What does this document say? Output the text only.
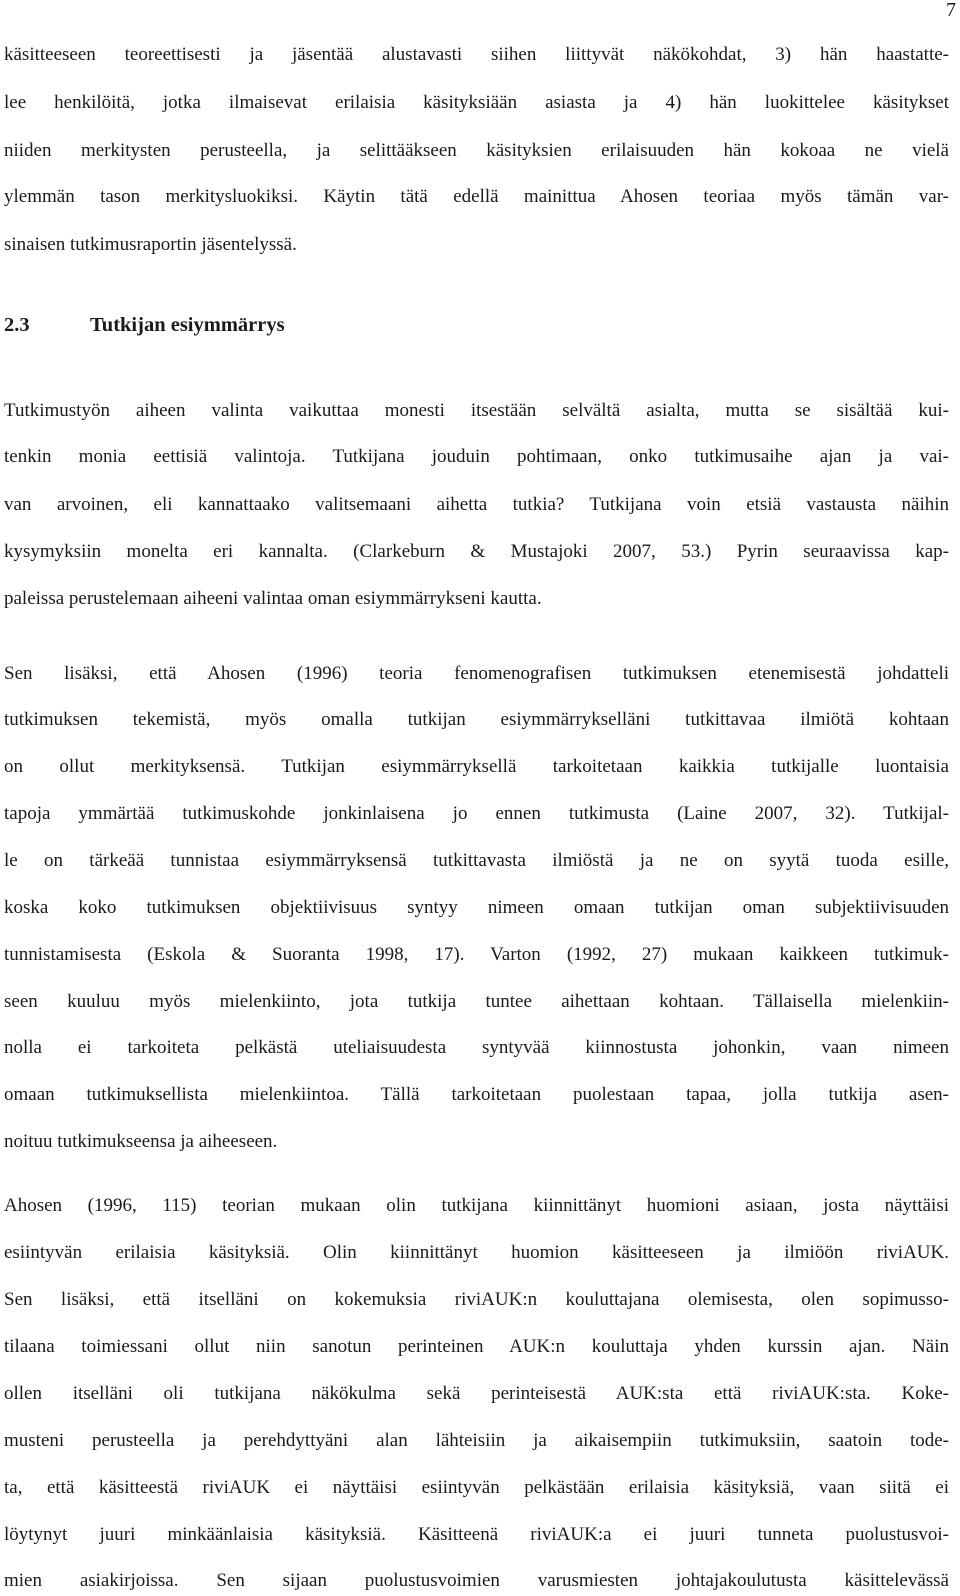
7
käsitteeseen teoreettisesti ja jäsentää alustavasti siihen liittyvät näkökohdat, 3) hän haastatte-
lee henkilöitä, jotka ilmaisevat erilaisia käsityksiään asiasta ja 4) hän luokittelee käsitykset
niiden merkitysten perusteella, ja selittääkseen käsityksien erilaisuuden hän kokoaa ne vielä
ylemmän tason merkitysluokiksi. Käytin tätä edellä mainittua Ahosen teoriaa myös tämän var-
sinaisen tutkimusraportin jäsentelyssä.
2.3	Tutkijan esiymmärrys
Tutkimustyön aiheen valinta vaikuttaa monesti itsestään selvältä asialta, mutta se sisältää kui-
tenkin monia eettisiä valintoja. Tutkijana jouduin pohtimaan, onko tutkimusaihe ajan ja vai-
van arvoinen, eli kannattaako valitsemaani aihetta tutkia? Tutkijana voin etsiä vastausta näihin
kysymyksiin monelta eri kannalta. (Clarkeburn & Mustajoki 2007, 53.) Pyrin seuraavissa kap-
paleissa perustelemaan aiheeni valintaa oman esiymmärrykseni kautta.
Sen lisäksi, että Ahosen (1996) teoria fenomenografisen tutkimuksen etenemisestä johdatteli
tutkimuksen tekemistä, myös omalla tutkijan esiymmärrykselläni tutkittavaa ilmiötä kohtaan
on ollut merkityksensä. Tutkijan esiymmärryksellä tarkoitetaan kaikkia tutkijalle luontaisia
tapoja ymmärtää tutkimuskohde jonkinlaisena jo ennen tutkimusta (Laine 2007, 32). Tutkijal-
le on tärkeää tunnistaa esiymmärryksensä tutkittavasta ilmiöstä ja ne on syytä tuoda esille,
koska koko tutkimuksen objektiivisuus syntyy nimeen omaan tutkijan oman subjektiivisuuden
tunnistamisesta (Eskola & Suoranta 1998, 17). Varton (1992, 27) mukaan kaikkeen tutkimuk-
seen kuuluu myös mielenkiinto, jota tutkija tuntee aihettaan kohtaan. Tällaisella mielenkiin-
nolla ei tarkoiteta pelkästä uteliaisuudesta syntyvää kiinnostusta johonkin, vaan nimeen
omaan tutkimuksellista mielenkiintoa. Tällä tarkoitetaan puolestaan tapaa, jolla tutkija asen-
noituu tutkimukseensa ja aiheeseen.
Ahosen (1996, 115) teorian mukaan olin tutkijana kiinnittänyt huomioni asiaan, josta näyttäisi
esiintyvän erilaisia käsityksiä. Olin kiinnittänyt huomion käsitteeseen ja ilmiöön riviAUK.
Sen lisäksi, että itselläni on kokemuksia riviAUK:n kouluttajana olemisesta, olen sopimusso-
tilaana toimiessani ollut niin sanotun perinteinen AUK:n kouluttaja yhden kurssin ajan. Näin
ollen itselläni oli tutkijana näkökulma sekä perinteisestä AUK:sta että riviAUK:sta. Koke-
musteni perusteella ja perehdyttyäni alan lähteisiin ja aikaisempiin tutkimuksiin, saatoin tode-
ta, että käsitteestä riviAUK ei näyttäisi esiintyvän pelkästään erilaisia käsityksiä, vaan siitä ei
löytynyt juuri minkäänlaisia käsityksiä. Käsitteenä riviAUK:a ei juuri tunneta puolustusvoi-
mien asiakirjoissa. Sen sijaan puolustusvoimien varusmiesten johtajakoulutusta käsittelevässä
